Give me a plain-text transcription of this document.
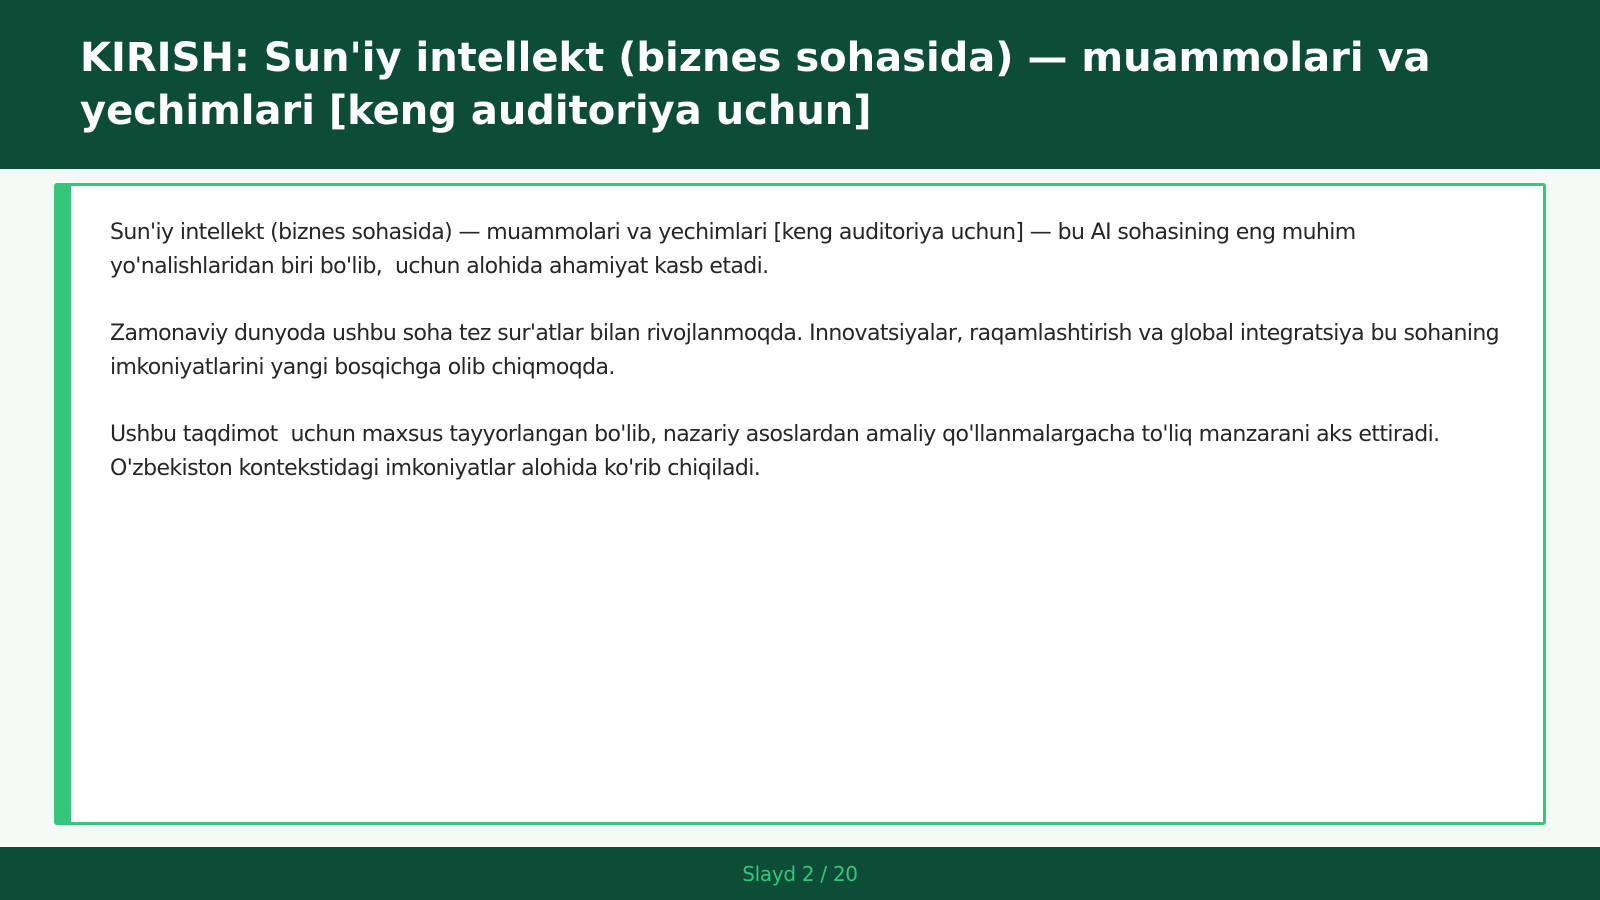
KIRISH: Sun'iy intellekt (biznes sohasida) — muammolari va yechimlari [keng auditoriya uchun]

Sun'iy intellekt (biznes sohasida) — muammolari va yechimlari [keng auditoriya uchun] — bu AI sohasining eng muhim yo'nalishlaridan biri bo'lib,  uchun alohida ahamiyat kasb etadi.

Zamonaviy dunyoda ushbu soha tez sur'atlar bilan rivojlanmoqda. Innovatsiyalar, raqamlashtirish va global integratsiya bu sohaning imkoniyatlarini yangi bosqichga olib chiqmoqda.

Ushbu taqdimot  uchun maxsus tayyorlangan bo'lib, nazariy asoslardan amaliy qo'llanmalargacha to'liq manzarani aks ettiradi. O'zbekiston kontekstidagi imkoniyatlar alohida ko'rib chiqiladi.

Slayd 2 / 20
